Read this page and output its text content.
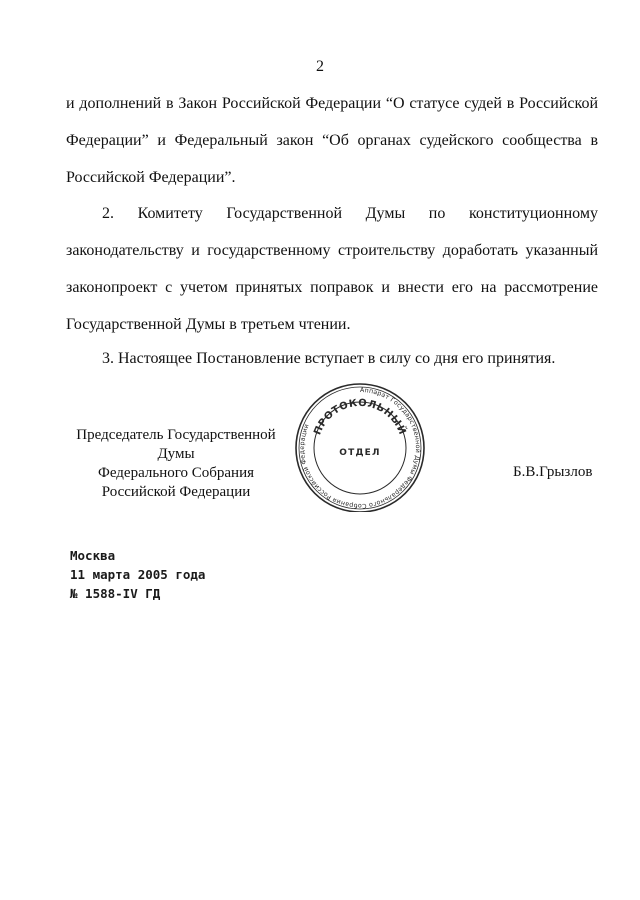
2
и дополнений в Закон Российской Федерации “О статусе судей в Российской Федерации” и Федеральный закон “Об органах судейского сообщества в Российской Федерации”.
2. Комитету Государственной Думы по конституционному законодательству и государственному строительству доработать указанный законопроект с учетом принятых поправок и внести его на рассмотрение Государственной Думы в третьем чтении.
3. Настоящее Постановление вступает в силу со дня его принятия.
Председатель Государственной Думы
Федерального Собрания
Российской Федерации
Аппарат Государственной Думы Федерального Собрания Российской Федерации ПРОТОКОЛЬНЫЙ
ОТДЕЛ
Б.В.Грызлов
Москва
11 марта 2005 года
№ 1588-IV ГД
